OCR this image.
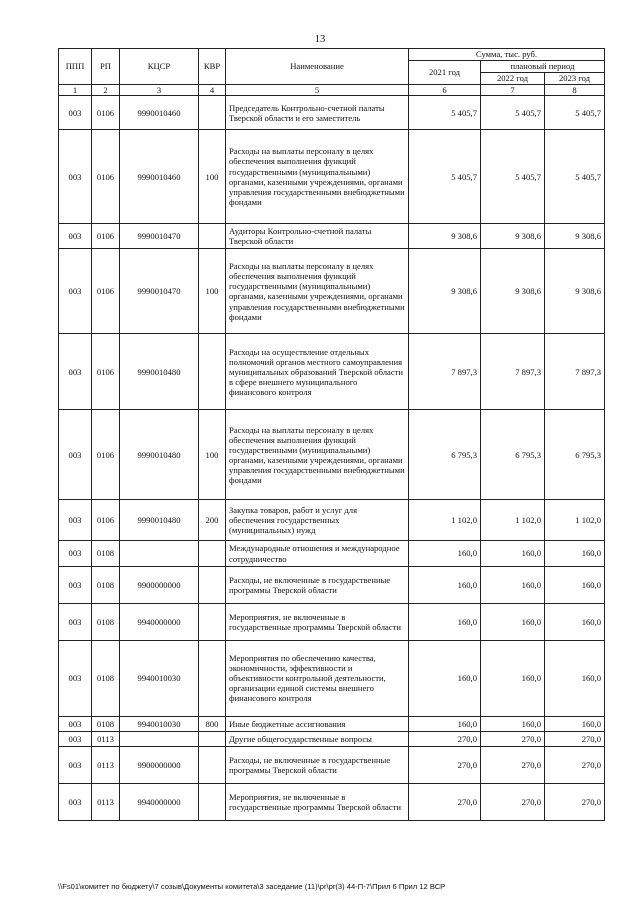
13
ППП	РП	КЦСР	КВР	Наименование	Сумма, тыс. руб.		
					2021 год	плановый период	
						2022 год	2023 год
1	2	3	4	5	6	7	8
003	0106	9990010460		Председатель Контрольно-счетной палаты Тверской области и его заместитель	5 405,7	5 405,7	5 405,7
003	0106	9990010460	100	Расходы на выплаты персоналу в целях обеспечения выполнения функций государственными (муниципальными) органами, казенными учреждениями, органами управления государственными внебюджетными фондами	5 405,7	5 405,7	5 405,7
003	0106	9990010470		Аудиторы Контрольно-счетной палаты Тверской области	9 308,6	9 308,6	9 308,6
003	0106	9990010470	100	Расходы на выплаты персоналу в целях обеспечения выполнения функций государственными (муниципальными) органами, казенными учреждениями, органами управления государственными внебюджетными фондами	9 308,6	9 308,6	9 308,6
003	0106	9990010480		Расходы на осуществление отдельных полномочий органов местного самоуправления муниципальных образований Тверской области в сфере внешнего муниципального финансового контроля	7 897,3	7 897,3	7 897,3
003	0106	9990010480	100	Расходы на выплаты персоналу в целях обеспечения выполнения функций государственными (муниципальными) органами, казенными учреждениями, органами управления государственными внебюджетными фондами	6 795,3	6 795,3	6 795,3
003	0106	9990010480	200	Закупка товаров, работ и услуг для обеспечения государственных (муниципальных) нужд	1 102,0	1 102,0	1 102,0
003	0108			Международные отношения и международное сотрудничество	160,0	160,0	160,0
003	0108	9900000000		Расходы, не включенные в государственные программы Тверской области	160,0	160,0	160,0
003	0108	9940000000		Мероприятия, не включенные в государственные программы Тверской области	160,0	160,0	160,0
003	0108	9940010030		Мероприятия по обеспечению качества, экономичности, эффективности и объективности контрольной деятельности, организации единой системы внешнего финансового контроля	160,0	160,0	160,0
003	0108	9940010030	800	Иные бюджетные ассигнования	160,0	160,0	160,0
003	0113			Другие общегосударственные вопросы	270,0	270,0	270,0
003	0113	9900000000		Расходы, не включенные в государственные программы Тверской области	270,0	270,0	270,0
003	0113	9940000000		Мероприятия, не включенные в государственные программы Тверской области	270,0	270,0	270,0
\\Fs01\комитет по бюджету\7 созыв\Документы комитета\3 заседание (11)\pr\pr(3) 44-П-7\Прил 6 Прил 12 ВСР
